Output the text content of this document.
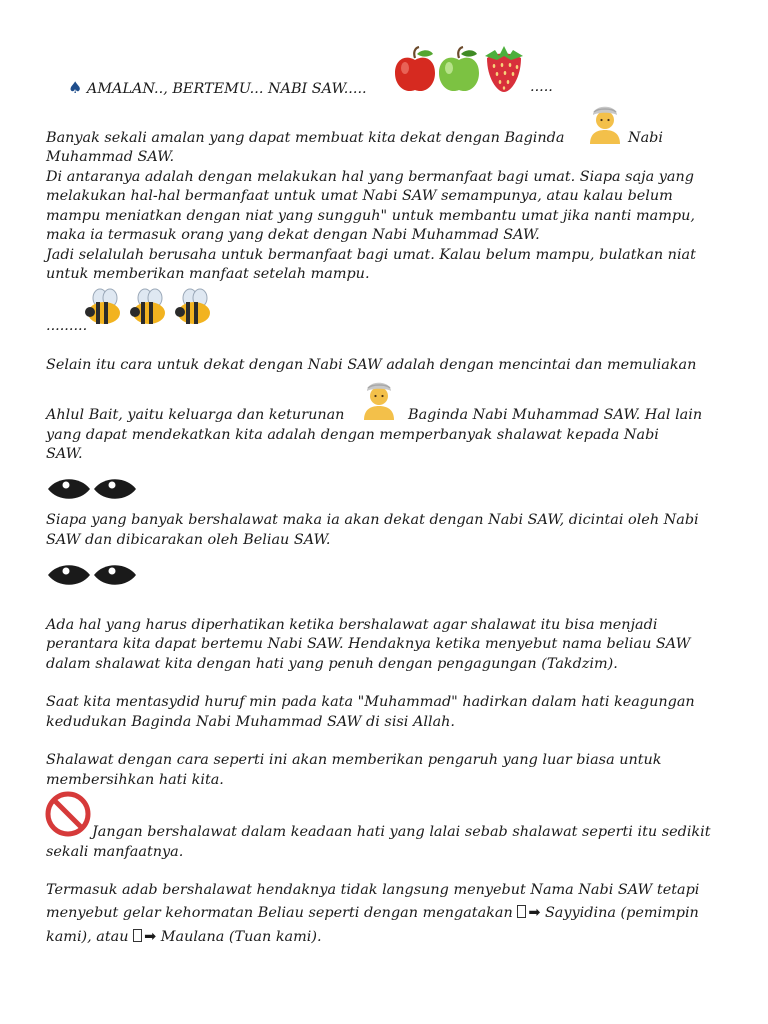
♠ AMALAN.., BERTEMU... NABI SAW.....	.....
Banyak sekali amalan yang dapat membuat kita dekat dengan Baginda	Nabi
Muhammad SAW.
Di antaranya adalah dengan melakukan hal yang bermanfaat bagi umat. Siapa saja yang
melakukan hal-hal bermanfaat untuk umat Nabi SAW semampunya, atau kalau belum
mampu meniatkan dengan niat yang sungguh" untuk membantu umat jika nanti mampu,
maka ia termasuk orang yang dekat dengan Nabi Muhammad SAW.
Jadi selalulah berusaha untuk bermanfaat bagi umat. Kalau belum mampu, bulatkan niat
untuk memberikan manfaat setelah mampu.
.........
Selain itu cara untuk dekat dengan Nabi SAW adalah dengan mencintai dan memuliakan
Ahlul Bait, yaitu keluarga dan keturunan	Baginda Nabi Muhammad SAW. Hal lain
yang dapat mendekatkan kita adalah dengan memperbanyak shalawat kepada Nabi
SAW.
Siapa yang banyak bershalawat maka ia akan dekat dengan Nabi SAW, dicintai oleh Nabi
SAW dan dibicarakan oleh Beliau SAW.
Ada hal yang harus diperhatikan ketika bershalawat agar shalawat itu bisa menjadi
perantara kita dapat bertemu Nabi SAW. Hendaknya ketika menyebut nama beliau SAW
dalam shalawat kita dengan hati yang penuh dengan pengagungan (Takdzim).
Saat kita mentasydid huruf min pada kata "Muhammad" hadirkan dalam hati keagungan
kedudukan Baginda Nabi Muhammad SAW di sisi Allah.
Shalawat dengan cara seperti ini akan memberikan pengaruh yang luar biasa untuk
membersihkan hati kita.
Jangan bershalawat dalam keadaan hati yang lalai sebab shalawat seperti itu sedikit
sekali manfaatnya.
Termasuk adab bershalawat hendaknya tidak langsung menyebut Nama Nabi SAW tetapi
menyebut gelar kehormatan Beliau seperti dengan mengatakan ➡ Sayyidina (pemimpin
kami), atau ➡ Maulana (Tuan kami).
